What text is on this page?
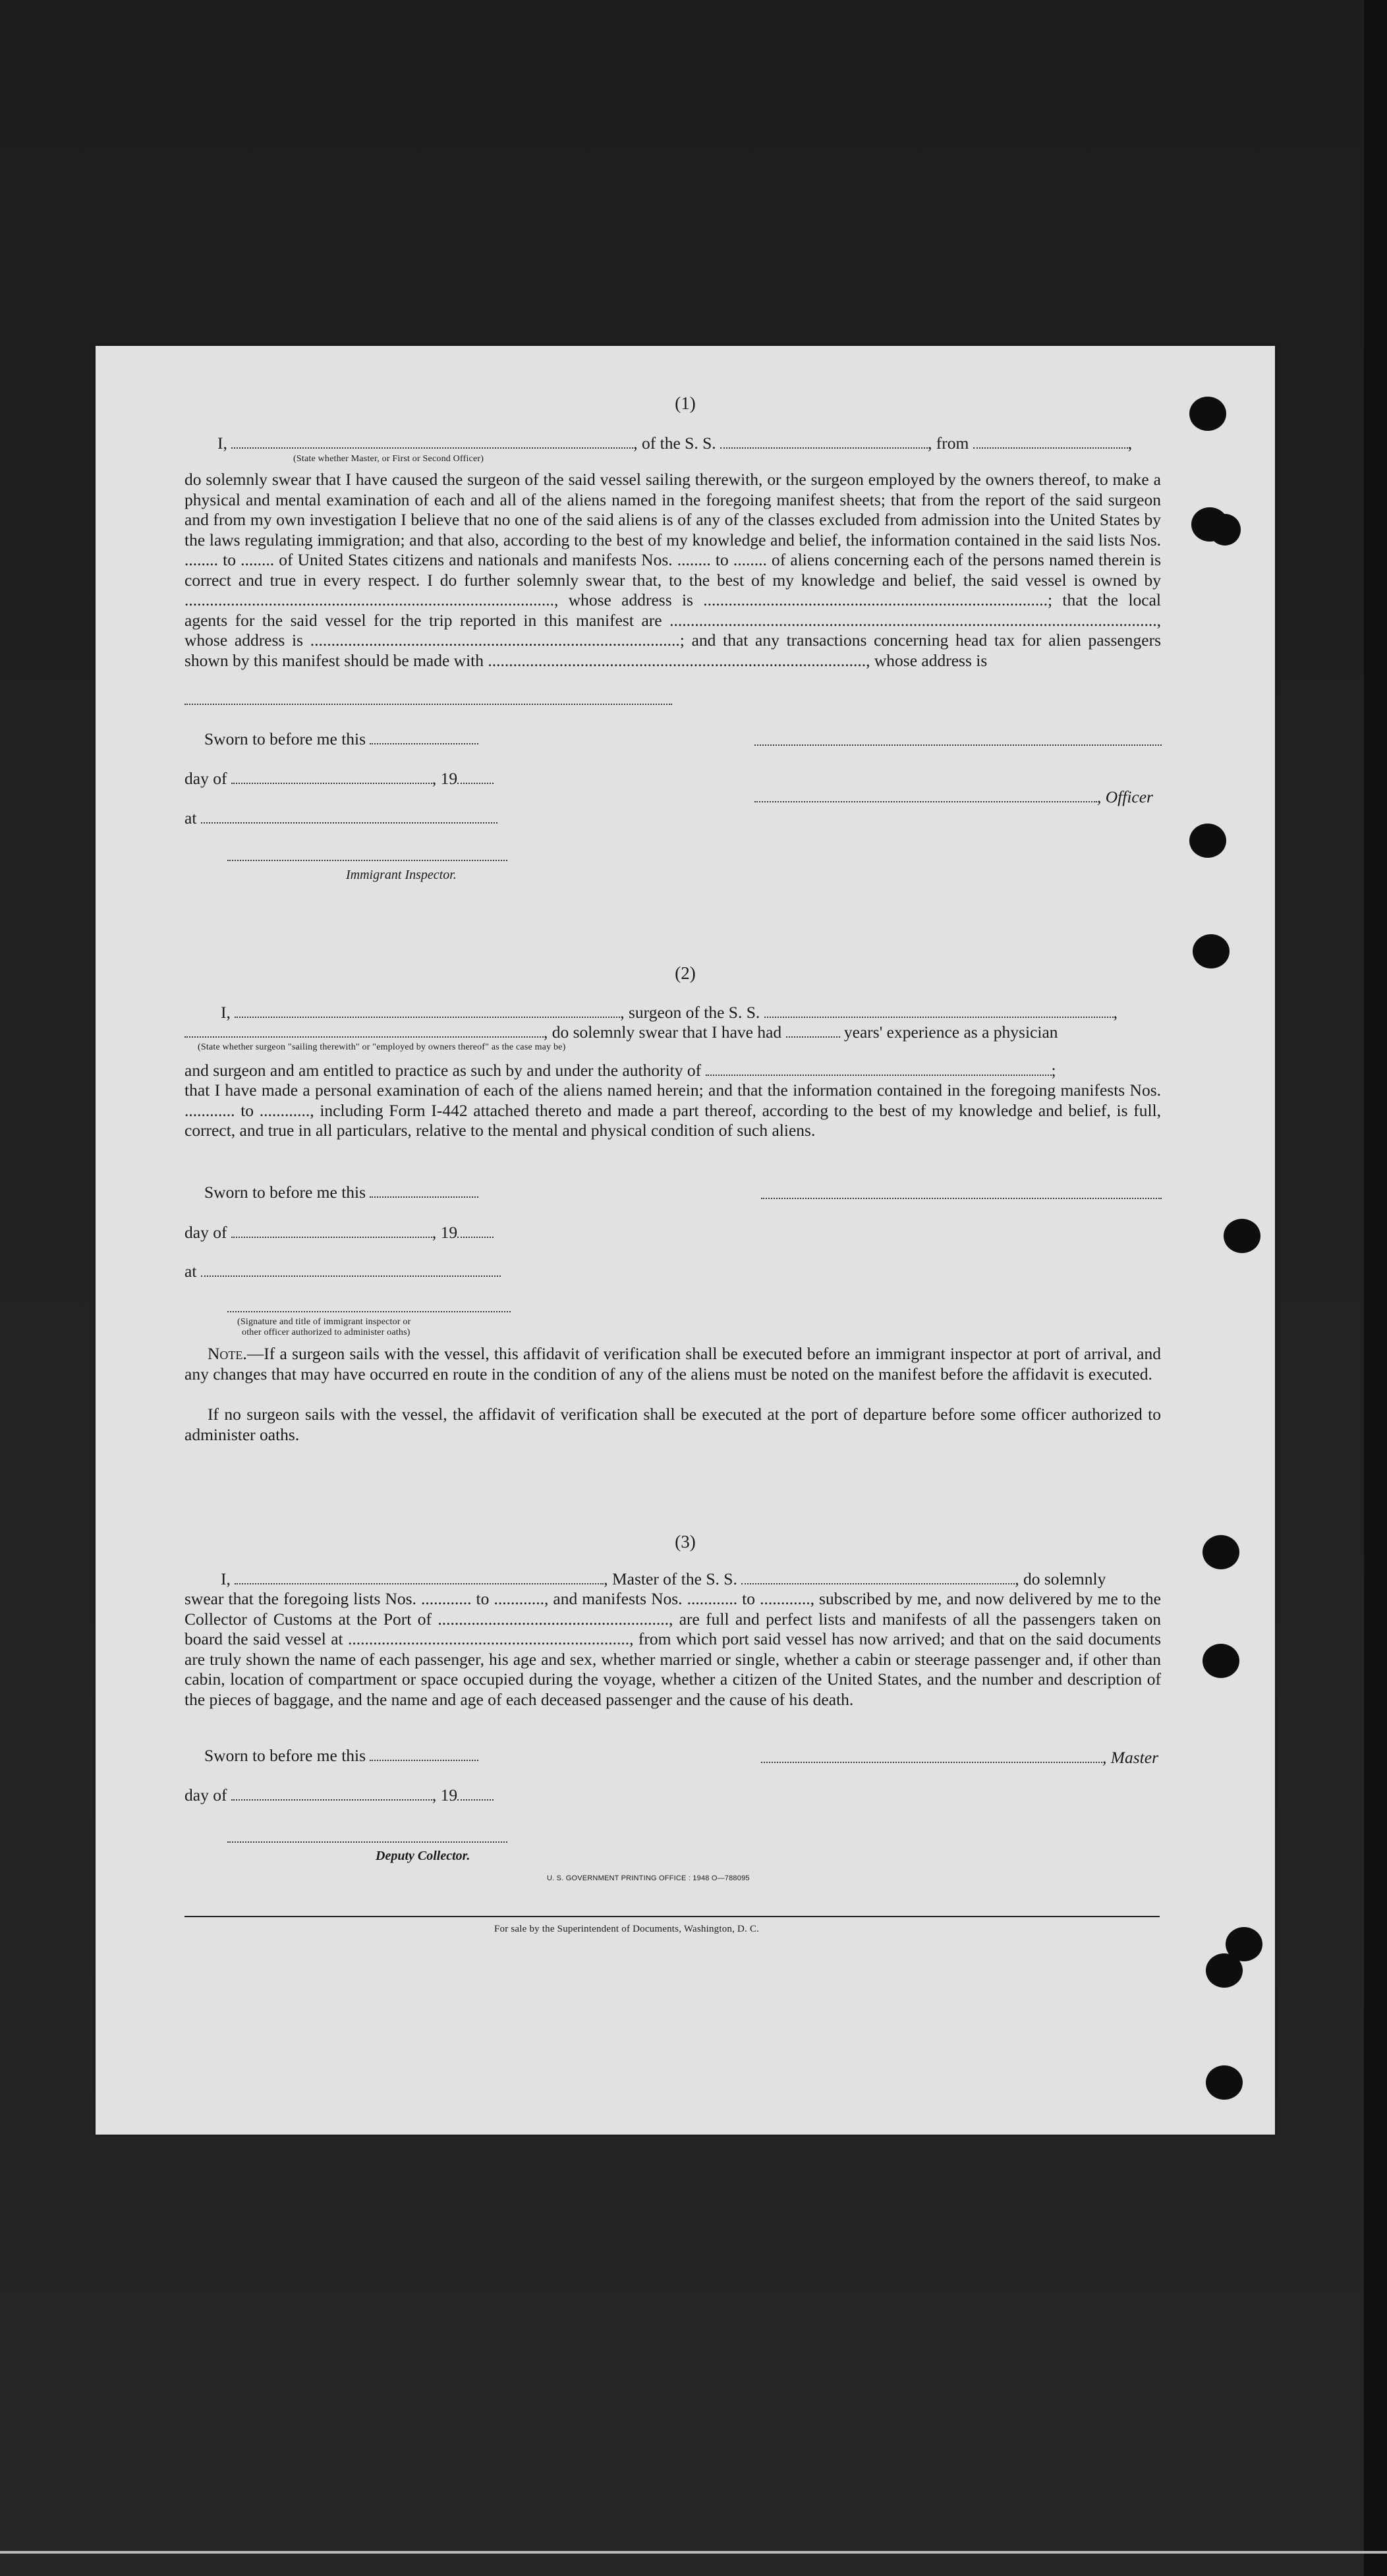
(1)
I,	, of the S. S.	, from	,
(State whether Master, or First or Second Officer)
do solemnly swear that I have caused the surgeon of the said vessel sailing therewith, or the surgeon employed by the owners thereof, to make a physical and mental examination of each and all of the aliens named in the foregoing manifest sheets; that from the report of the said surgeon and from my own investigation I believe that no one of the said aliens is of any of the classes excluded from admission into the United States by the laws regulating immigration; and that also, according to the best of my knowledge and belief, the information contained in the said lists Nos. ........ to ........ of United States citizens and nationals and manifests Nos. ........ to ........ of aliens concerning each of the persons named therein is correct and true in every respect. I do further solemnly swear that, to the best of my knowledge and belief, the said vessel is owned by ........................................................................................, whose address is ..................................................................................; that the local agents for the said vessel for the trip reported in this manifest are ...................................................................................................................., whose address is ........................................................................................; and that any transactions concerning head tax for alien passengers shown by this manifest should be made with .........................................................................................., whose address is
Sworn to before me this
day of	, 19
, Officer
at
Immigrant Inspector.
(2)
I,	, surgeon of the S. S.	,
, do solemnly swear that I have had	years' experience as a physician
(State whether surgeon "sailing therewith" or "employed by owners thereof" as the case may be)
and surgeon and am entitled to practice as such by and under the authority of	;
that I have made a personal examination of each of the aliens named herein; and that the information contained in the foregoing manifests Nos. ............ to ............, including Form I-442 attached thereto and made a part thereof, according to the best of my knowledge and belief, is full, correct, and true in all particulars, relative to the mental and physical condition of such aliens.
Sworn to before me this
day of	, 19
at
(Signature and title of immigrant inspector or
other officer authorized to administer oaths)
Note.—If a surgeon sails with the vessel, this affidavit of verification shall be executed before an immigrant inspector at port of arrival, and any changes that may have occurred en route in the condition of any of the aliens must be noted on the manifest before the affidavit is executed.
If no surgeon sails with the vessel, the affidavit of verification shall be executed at the port of departure before some officer authorized to administer oaths.
(3)
I,	, Master of the S. S.	, do solemnly
swear that the foregoing lists Nos. ............ to ............, and manifests Nos. ............ to ............, subscribed by me, and now delivered by me to the Collector of Customs at the Port of ......................................................., are full and perfect lists and manifests of all the passengers taken on board the said vessel at ..................................................................., from which port said vessel has now arrived; and that on the said documents are truly shown the name of each passenger, his age and sex, whether married or single, whether a cabin or steerage passenger and, if other than cabin, location of compartment or space occupied during the voyage, whether a citizen of the United States, and the number and description of the pieces of baggage, and the name and age of each deceased passenger and the cause of his death.
Sworn to before me this	, Master
day of	, 19
Deputy Collector.
U. S. GOVERNMENT PRINTING OFFICE : 1948 O—788095
For sale by the Superintendent of Documents, Washington, D. C.
